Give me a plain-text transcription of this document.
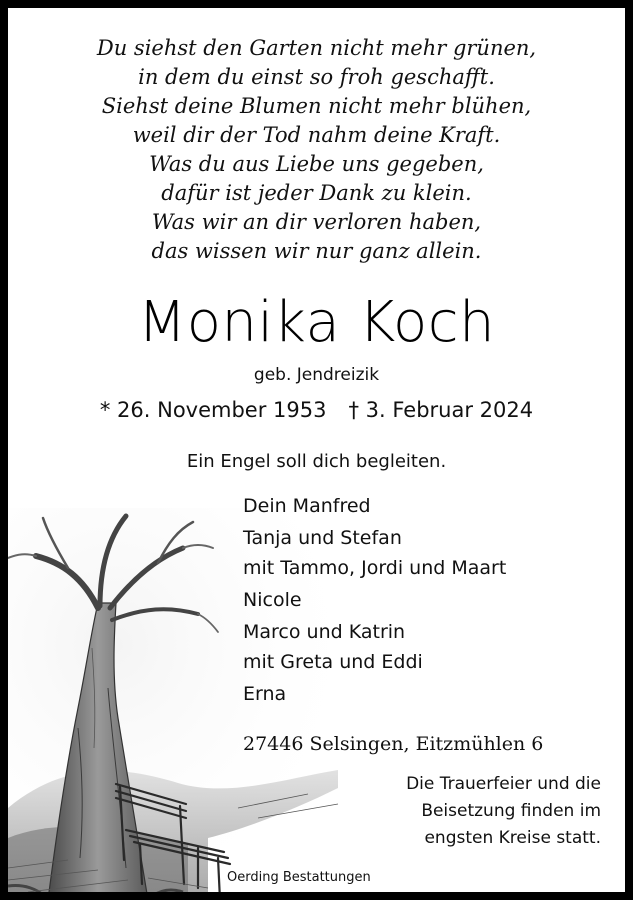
Du siehst den Garten nicht mehr grünen,
in dem du einst so froh geschafft.
Siehst deine Blumen nicht mehr blühen,
weil dir der Tod nahm deine Kraft.
Was du aus Liebe uns gegeben,
dafür ist jeder Dank zu klein.
Was wir an dir verloren haben,
das wissen wir nur ganz allein.
Monika Koch
geb. Jendreizik
* 26. November 1953 † 3. Februar 2024
Ein Engel soll dich begleiten.
Dein Manfred
Tanja und Stefan
mit Tammo, Jordi und Maart
Nicole
Marco und Katrin
mit Greta und Eddi
Erna
27446 Selsingen, Eitzmühlen 6
Die Trauerfeier und die
Beisetzung finden im
engsten Kreise statt.
Oerding Bestattungen
